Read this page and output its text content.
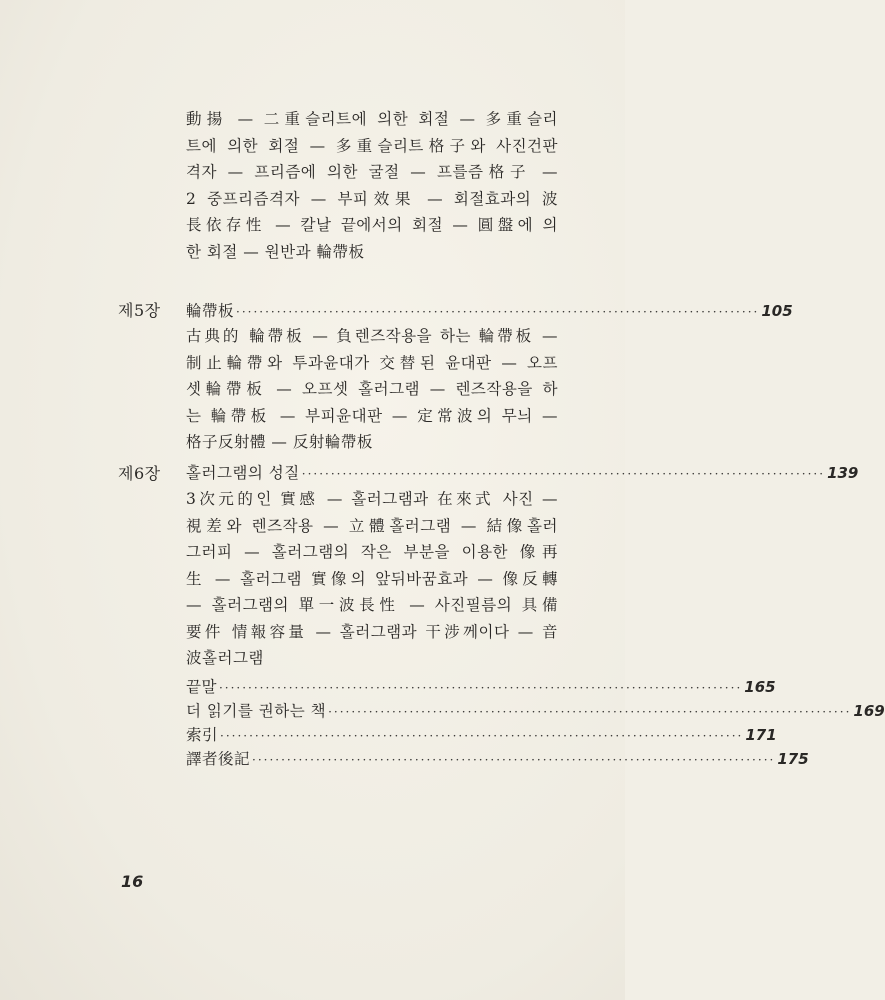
動揚 — 二重슬리트에 의한 회절 — 多重슬리
트에 의한 회절 — 多重슬리트格子와 사진건판
격자 — 프리즘에 의한 굴절 — 프를즘格子 —
2 중프리즘격자 — 부피效果 — 회절효과의 波
長依存性 — 칼날 끝에서의 회절 — 圓盤에 의
한 회절 — 원반과 輪帶板
제5장 輪帶板 ·························································································· 105
古典的 輪帶板 — 負렌즈작용을 하는 輪帶板 —
制止輪帶와 투과윤대가 交替된 윤대판 — 오프
셋輪帶板 — 오프셋 홀러그램 — 렌즈작용을 하
는 輪帶板 — 부피윤대판 — 定常波의 무늬 —
格子反射體 — 反射輪帶板
제6장 홀러그램의 성질 ·························································································· 139
3次元的인 實感 — 홀러그램과 在來式 사진 —
視差와 렌즈작용 — 立體홀러그램 — 結像홀러
그러피 — 홀러그램의 작은 부분을 이용한 像再
生 — 홀러그램 實像의 앞뒤바꿈효과 — 像反轉
— 홀러그램의 單一波長性 — 사진필름의 具備
要件 情報容量 — 홀러그램과 干涉께이다 — 音
波홀러그램
끝말 ·························································································· 165
더 읽기를 권하는 책 ·························································································· 169
索引 ·························································································· 171
譯者後記 ·························································································· 175
16
